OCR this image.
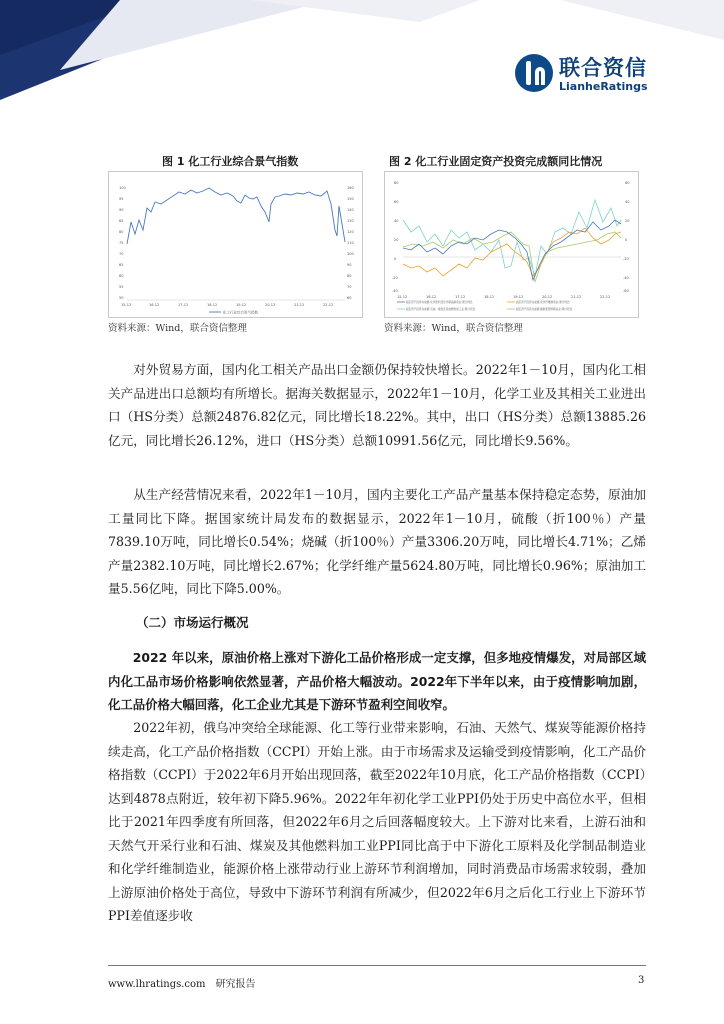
联合资信
LianheRatings
图 1 化工行业综合景气指数	图 2 化工行业固定资产投资完成额同比情况
100
95
90
85
80
75
70
65
60
55
50
160
150
140
130
120
110
100
90
80
70
60
15-12	16-12	17-12	18-12	19-12	20-12	21-12	22-12
化工行业综合景气指数
资料来源：Wind，联合资信整理
80
60
40
20
0
-20
-40
60
40
20
0
-20
-40
-60
15-12	16-12	17-12	18-12	19-12	20-12	21-12	22-12
固定资产投资完成额:化学原料及化学制品制造业:累计同比	固定资产投资完成额:化学纤维制造业:累计同比
固定资产投资完成额:石油、煤炭及其他燃料加工业:累计同比	固定资产投资完成额:橡胶和塑料制品业:累计同比
资料来源：Wind，联合资信整理

对外贸易方面，国内化工相关产品出口金额仍保持较快增长。2022年1－10月，国内化工相关产品进出口总额均有所增长。据海关数据显示，2022年1－10月，化学工业及其相关工业进出口（HS分类）总额24876.82亿元，同比增长18.22%。其中，出口（HS分类）总额13885.26亿元，同比增长26.12%，进口（HS分类）总额10991.56亿元，同比增长9.56%。

从生产经营情况来看，2022年1－10月，国内主要化工产品产量基本保持稳定态势，原油加工量同比下降。据国家统计局发布的数据显示，2022年1－10月，硫酸（折100％）产量7839.10万吨，同比增长0.54%；烧碱（折100％）产量3306.20万吨，同比增长4.71%；乙烯产量2382.10万吨，同比增长2.67%；化学纤维产量5624.80万吨，同比增长0.96%；原油加工量5.56亿吨，同比下降5.00%。

（二）市场运行概况

2022 年以来，原油价格上涨对下游化工品价格形成一定支撑，但多地疫情爆发，对局部区域内化工品市场价格影响依然显著，产品价格大幅波动。2022年下半年以来，由于疫情影响加剧，化工品价格大幅回落，化工企业尤其是下游环节盈利空间收窄。

2022年初，俄乌冲突给全球能源、化工等行业带来影响，石油、天然气、煤炭等能源价格持续走高，化工产品价格指数（CCPI）开始上涨。由于市场需求及运输受到疫情影响，化工产品价格指数（CCPI）于2022年6月开始出现回落，截至2022年10月底，化工产品价格指数（CCPI）达到4878点附近，较年初下降5.96%。2022年年初化学工业PPI仍处于历史中高位水平，但相比于2021年四季度有所回落，但2022年6月之后回落幅度较大。上下游对比来看，上游石油和天然气开采行业和石油、煤炭及其他燃料加工业PPI同比高于中下游化工原料及化学制品制造业和化学纤维制造业，能源价格上涨带动行业上游环节利润增加，同时消费品市场需求较弱，叠加上游原油价格处于高位，导致中下游环节利润有所减少，但2022年6月之后化工行业上下游环节PPI差值逐步收

www.lhratings.com　研究报告	3
